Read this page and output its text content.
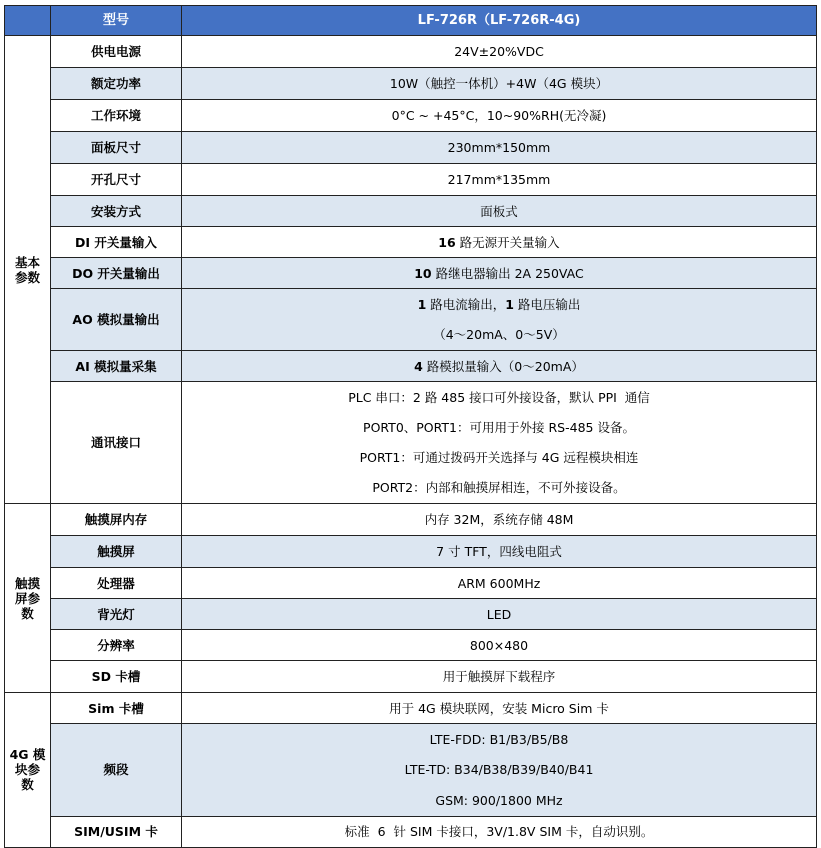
	型号	LF-726R（LF-726R-4G)

基本
参数	供电电源	24V±20%VDC

	额定功率	10W（触控一体机）+4W（4G 模块）

	工作环境	0°C ~ +45°C，10~90%RH(无冷凝)

	面板尺寸	230mm*150mm

	开孔尺寸	217mm*135mm

	安装方式	面板式

	DI 开关量输入	16 路无源开关量输入

	DO 开关量输出	10 路继电器输出 2A 250VAC

	AO 模拟量输出	1 路电流输出， 1 路电压输出
（4～20mA、0～5V）

	AI 模拟量采集	4 路模拟量输入（0～20mA）

	通讯接口	PLC 串口：2 路 485 接口可外接设备，默认 PPI  通信
PORT0、PORT1：可用用于外接 RS-485 设备。
PORT1：可通过拨码开关选择与 4G 远程模块相连
PORT2：内部和触摸屏相连，不可外接设备。

触摸
屏参
数	触摸屏内存	内存 32M，系统存储 48M

	触摸屏	7 寸 TFT，四线电阻式

	处理器	ARM 600MHz

	背光灯	LED

	分辨率	800×480

	SD 卡槽	用于触摸屏下载程序

4G 模
块参
数	Sim 卡槽	用于 4G 模块联网，安装 Micro Sim 卡

	频段	LTE-FDD: B1/B3/B5/B8
LTE-TD: B34/B38/B39/B40/B41
GSM: 900/1800 MHz

	SIM/USIM 卡	标准  6  针 SIM 卡接口，3V/1.8V SIM 卡，自动识别。
